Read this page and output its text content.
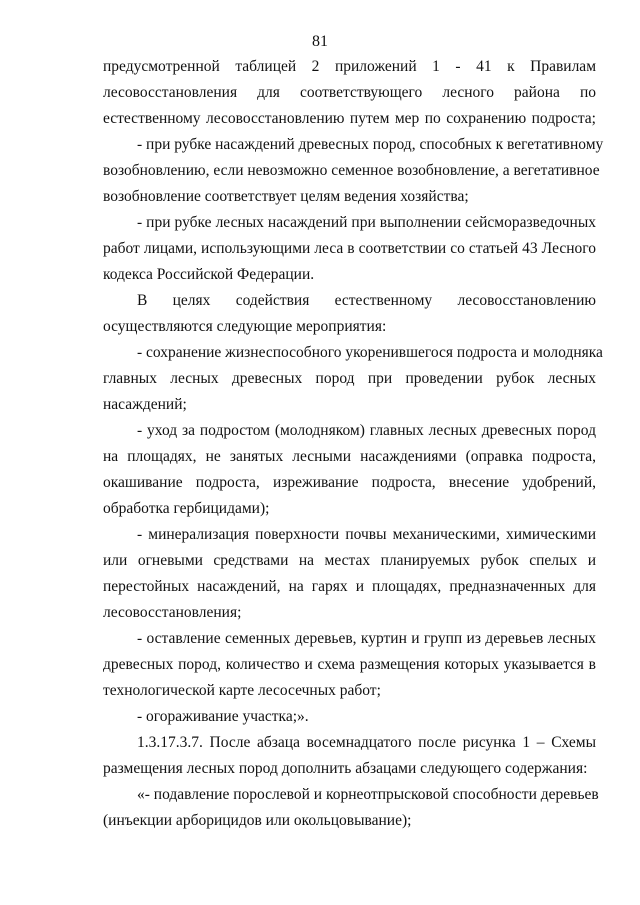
81
предусмотренной таблицей 2 приложений 1 - 41 к Правилам
лесовосстановления для соответствующего лесного района по
естественному лесовосстановлению путем мер по сохранению подроста;
- при рубке насаждений древесных пород, способных к вегетативному
возобновлению, если невозможно семенное возобновление, а вегетативное
возобновление соответствует целям ведения хозяйства;
- при рубке лесных насаждений при выполнении сейсморазведочных
работ лицами, использующими леса в соответствии со статьей 43 Лесного
кодекса Российской Федерации.
В целях содействия естественному лесовосстановлению
осуществляются следующие мероприятия:
- сохранение жизнеспособного укоренившегося подроста и молодняка
главных лесных древесных пород при проведении рубок лесных
насаждений;
- уход за подростом (молодняком) главных лесных древесных пород
на площадях, не занятых лесными насаждениями (оправка подроста,
окашивание подроста, изреживание подроста, внесение удобрений,
обработка гербицидами);
- минерализация поверхности почвы механическими, химическими
или огневыми средствами на местах планируемых рубок спелых и
перестойных насаждений, на гарях и площадях, предназначенных для
лесовосстановления;
- оставление семенных деревьев, куртин и групп из деревьев лесных
древесных пород, количество и схема размещения которых указывается в
технологической карте лесосечных работ;
- огораживание участка;».
1.3.17.3.7. После абзаца восемнадцатого после рисунка 1 – Схемы
размещения лесных пород дополнить абзацами следующего содержания:
«- подавление порослевой и корнеотпрысковой способности деревьев
(инъекции арборицидов или окольцовывание);
